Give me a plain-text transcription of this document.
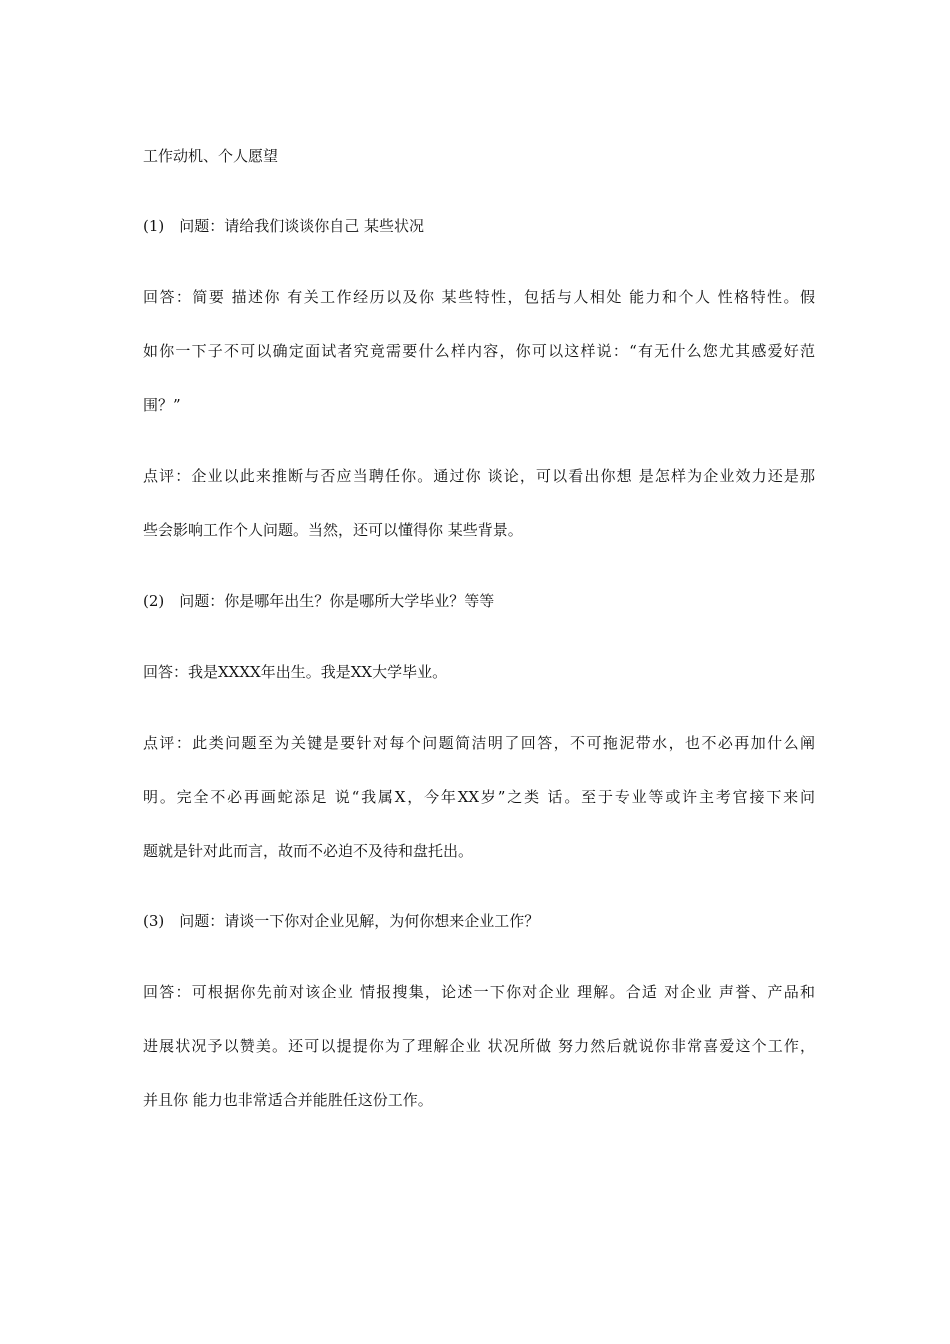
工作动机、个人愿望
(1)　问题：请给我们谈谈你自己 某些状况
回答：简要 描述你 有关工作经历以及你 某些特性，包括与人相处 能力和个人 性格特性。假
如你一下子不可以确定面试者究竟需要什么样内容，你可以这样说：“有无什么您尤其感爱好范
围？”
点评：企业以此来推断与否应当聘任你。通过你 谈论，可以看出你想 是怎样为企业效力还是那
些会影响工作个人问题。当然，还可以懂得你 某些背景。
(2)　问题：你是哪年出生？你是哪所大学毕业？等等
回答：我是XXXX年出生。我是XX大学毕业。
点评：此类问题至为关键是要针对每个问题简洁明了回答，不可拖泥带水，也不必再加什么阐
明。完全不必再画蛇添足 说“我属X，今年XX岁”之类 话。至于专业等或许主考官接下来问
题就是针对此而言，故而不必迫不及待和盘托出。
(3)　问题：请谈一下你对企业见解，为何你想来企业工作？
回答：可根据你先前对该企业 情报搜集，论述一下你对企业 理解。合适 对企业 声誉、产品和
进展状况予以赞美。还可以提提你为了理解企业 状况所做 努力然后就说你非常喜爱这个工作，
并且你 能力也非常适合并能胜任这份工作。
